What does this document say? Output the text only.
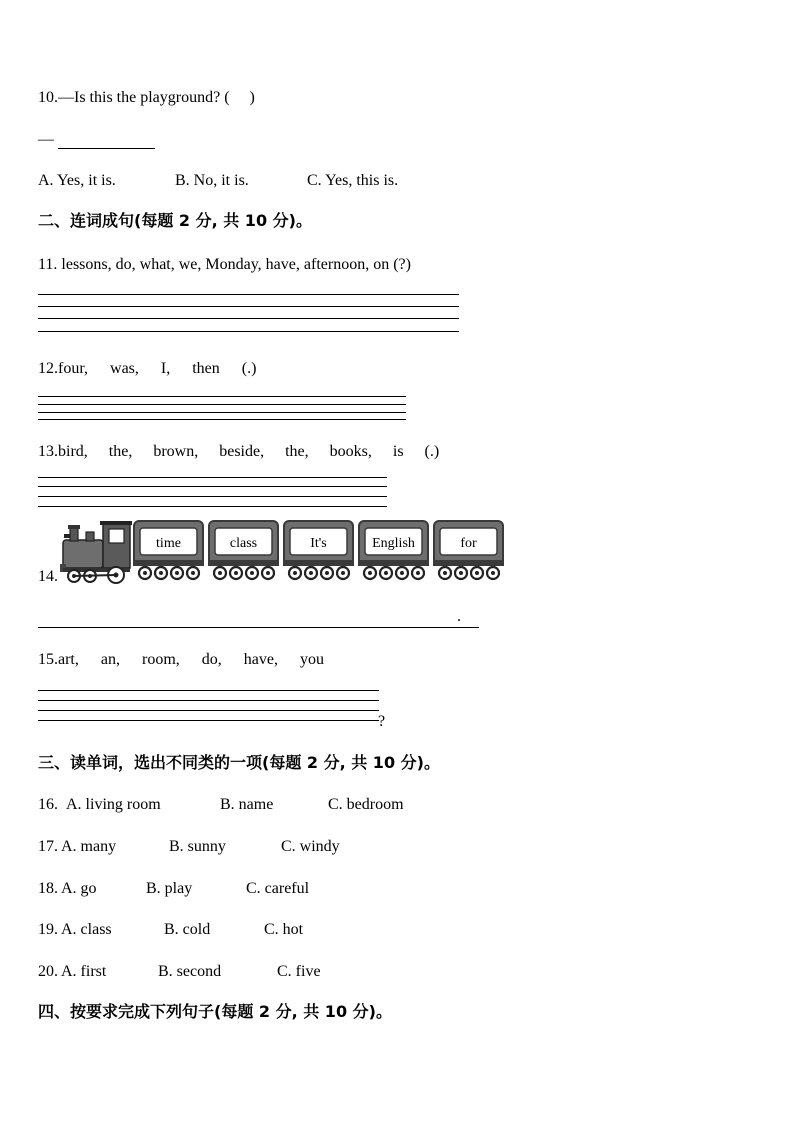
10.—Is this the playground? (     )
—
A. Yes, it is.	B. No, it is.	C. Yes, this is.
二、连词成句(每题 2 分, 共 10 分)。
11. lessons, do, what, we, Monday, have, afternoon, on (?)
12.four, was, I, then (.)
13.bird, the, brown, beside, the, books, is (.)
14.
time	class	It's	English	for
.
15.art, an, room, do, have, you
?
三、读单词，选出不同类的一项(每题 2 分, 共 10 分)。
16. A. living room	B. name	C. bedroom
17. A. many	B. sunny	C. windy
18. A. go	B. play	C. careful
19. A. class	B. cold	C. hot
20. A. first	B. second	C. five
四、按要求完成下列句子(每题 2 分, 共 10 分)。
